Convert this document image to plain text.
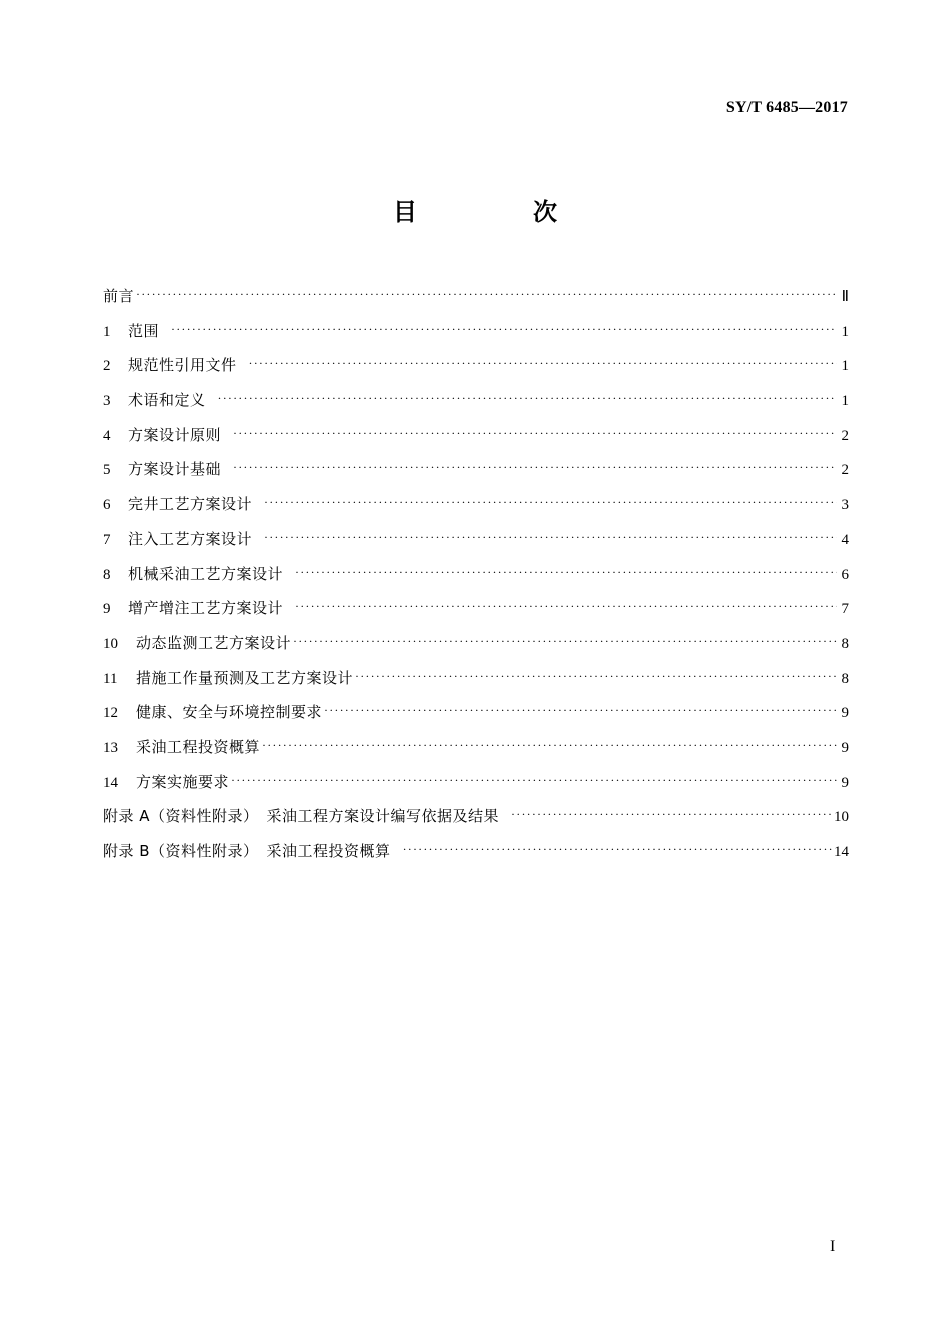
SY/T 6485—2017
目　次
前言 ·····	Ⅱ
1	范围 ·····	1
2	规范性引用文件 ·····	1
3	术语和定义 ·····	1
4	方案设计原则 ·····	2
5	方案设计基础 ·····	2
6	完井工艺方案设计 ·····	3
7	注入工艺方案设计 ·····	4
8	机械采油工艺方案设计 ·····	6
9	增产增注工艺方案设计 ·····	7
10	动态监测工艺方案设计 ·····	8
11	措施工作量预测及工艺方案设计 ·····	8
12	健康、安全与环境控制要求 ·····	9
13	采油工程投资概算 ·····	9
14	方案实施要求 ·····	9
附录 A（资料性附录）　采油工程方案设计编写依据及结果 ·····	10
附录 B（资料性附录）　采油工程投资概算 ·····	14
I
